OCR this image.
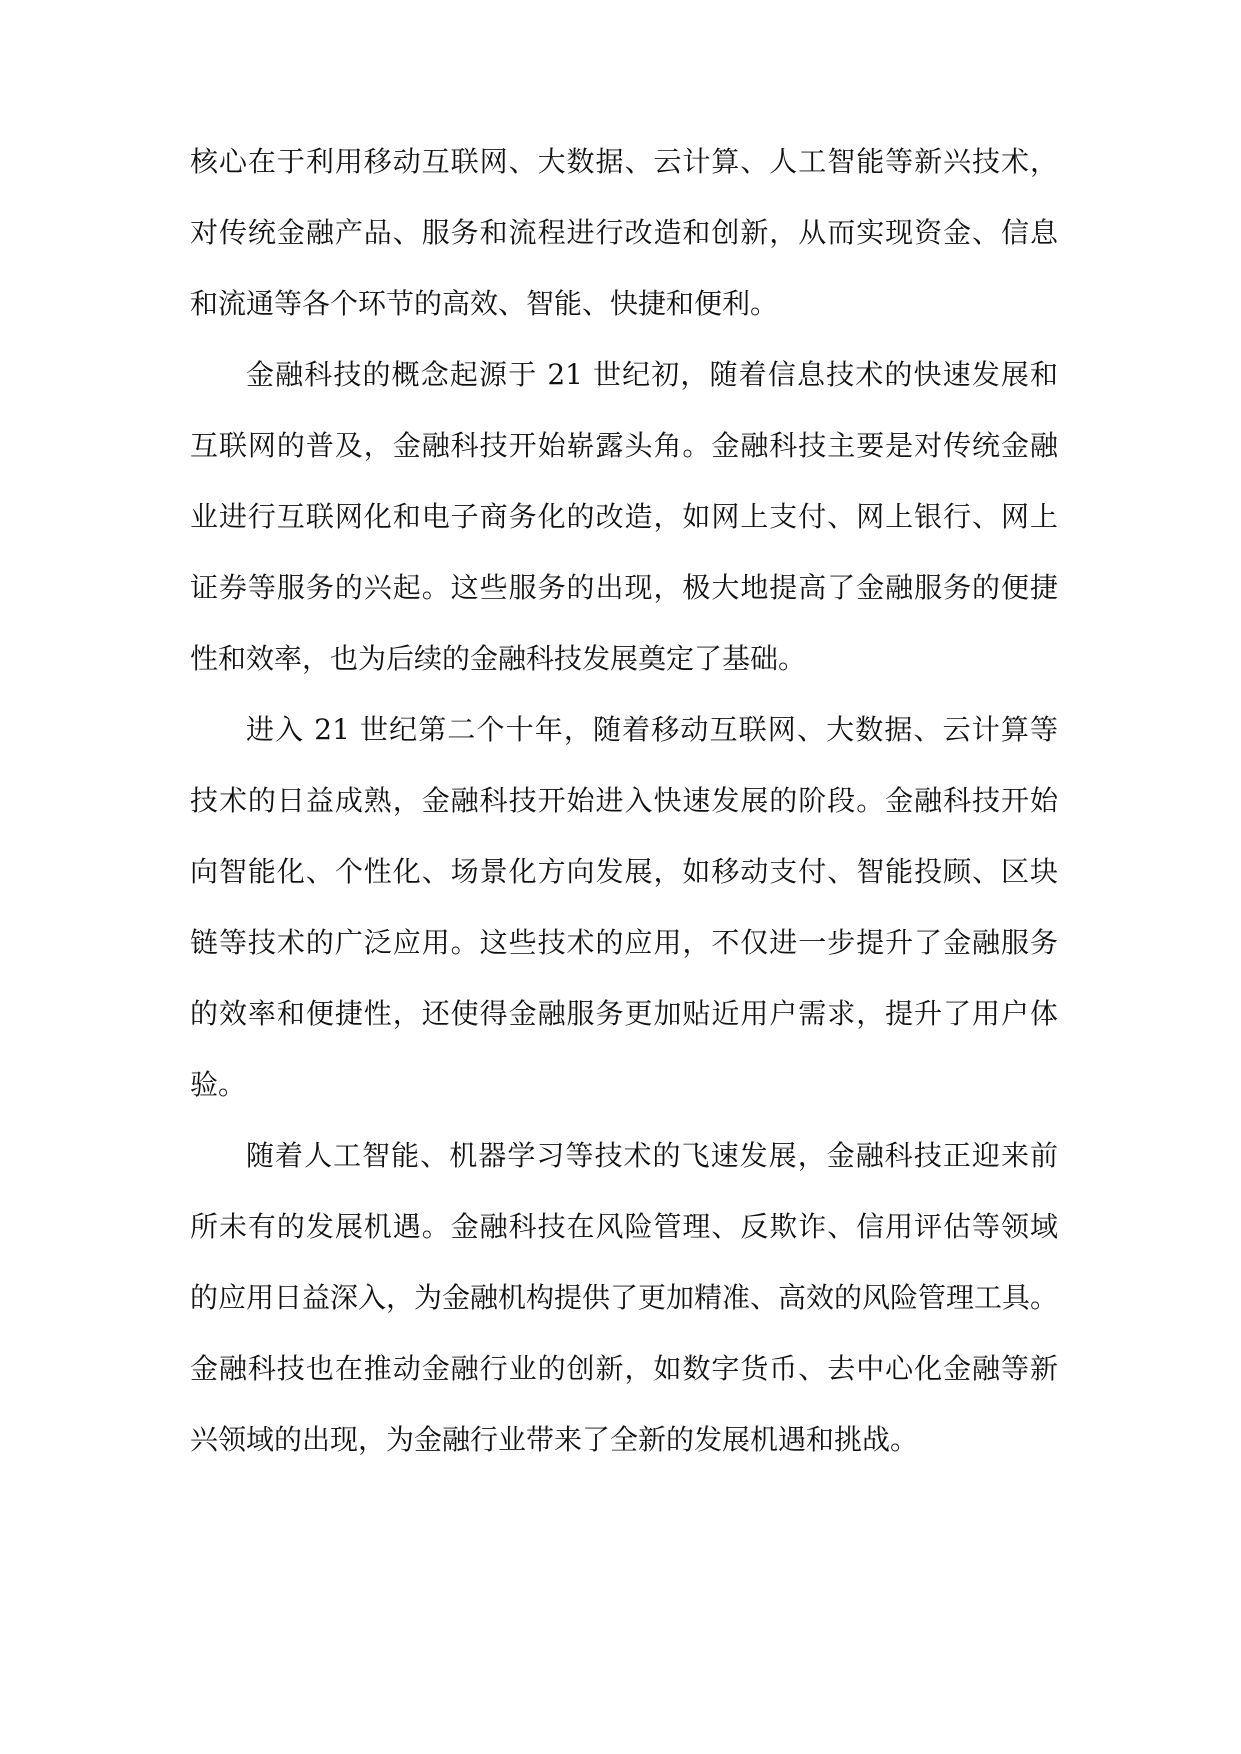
核心在于利用移动互联网、大数据、云计算、人工智能等新兴技术，
对传统金融产品、服务和流程进行改造和创新，从而实现资金、信息
和流通等各个环节的高效、智能、快捷和便利。
金融科技的概念起源于 21 世纪初，随着信息技术的快速发展和
互联网的普及，金融科技开始崭露头角。金融科技主要是对传统金融
业进行互联网化和电子商务化的改造，如网上支付、网上银行、网上
证券等服务的兴起。这些服务的出现，极大地提高了金融服务的便捷
性和效率，也为后续的金融科技发展奠定了基础。
进入 21 世纪第二个十年，随着移动互联网、大数据、云计算等
技术的日益成熟，金融科技开始进入快速发展的阶段。金融科技开始
向智能化、个性化、场景化方向发展，如移动支付、智能投顾、区块
链等技术的广泛应用。这些技术的应用，不仅进一步提升了金融服务
的效率和便捷性，还使得金融服务更加贴近用户需求，提升了用户体
验。
随着人工智能、机器学习等技术的飞速发展，金融科技正迎来前
所未有的发展机遇。金融科技在风险管理、反欺诈、信用评估等领域
的应用日益深入，为金融机构提供了更加精准、高效的风险管理工具。
金融科技也在推动金融行业的创新，如数字货币、去中心化金融等新
兴领域的出现，为金融行业带来了全新的发展机遇和挑战。
